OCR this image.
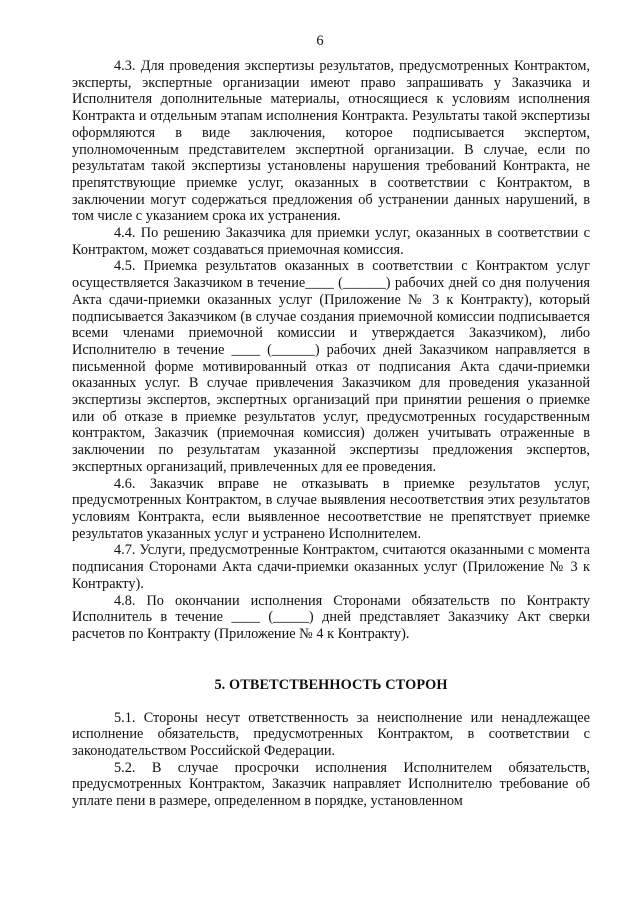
6

4.3. Для проведения экспертизы результатов, предусмотренных Контрактом, эксперты, экспертные организации имеют право запрашивать у Заказчика и Исполнителя дополнительные материалы, относящиеся к условиям исполнения Контракта и отдельным этапам исполнения Контракта. Результаты такой экспертизы оформляются в виде заключения, которое подписывается экспертом, уполномоченным представителем экспертной организации. В случае, если по результатам такой экспертизы установлены нарушения требований Контракта, не препятствующие приемке услуг, оказанных в соответствии с Контрактом, в заключении могут содержаться предложения об устранении данных нарушений, в том числе с указанием срока их устранения.

4.4. По решению Заказчика для приемки услуг, оказанных в соответствии с Контрактом, может создаваться приемочная комиссия.

4.5. Приемка результатов оказанных в соответствии с Контрактом услуг осуществляется Заказчиком в течение____ (______) рабочих дней со дня получения Акта сдачи-приемки оказанных услуг (Приложение № 3 к Контракту), который подписывается Заказчиком (в случае создания приемочной комиссии подписывается всеми членами приемочной комиссии и утверждается Заказчиком), либо Исполнителю в течение ____ (______) рабочих дней Заказчиком направляется в письменной форме мотивированный отказ от подписания Акта сдачи-приемки оказанных услуг. В случае привлечения Заказчиком для проведения указанной экспертизы экспертов, экспертных организаций при принятии решения о приемке или об отказе в приемке результатов услуг, предусмотренных государственным контрактом, Заказчик (приемочная комиссия) должен учитывать отраженные в заключении по результатам указанной экспертизы предложения экспертов, экспертных организаций, привлеченных для ее проведения.

4.6. Заказчик вправе не отказывать в приемке результатов услуг, предусмотренных Контрактом, в случае выявления несоответствия этих результатов условиям Контракта, если выявленное несоответствие не препятствует приемке результатов указанных услуг и устранено Исполнителем.

4.7. Услуги, предусмотренные Контрактом, считаются оказанными с момента подписания Сторонами Акта сдачи-приемки оказанных услуг (Приложение № 3 к Контракту).

4.8. По окончании исполнения Сторонами обязательств по Контракту Исполнитель в течение ____ (_____) дней представляет Заказчику Акт сверки расчетов по Контракту (Приложение № 4 к Контракту).

5. ОТВЕТСТВЕННОСТЬ СТОРОН

5.1. Стороны несут ответственность за неисполнение или ненадлежащее исполнение обязательств, предусмотренных Контрактом, в соответствии с законодательством Российской Федерации.

5.2. В случае просрочки исполнения Исполнителем обязательств, предусмотренных Контрактом, Заказчик направляет Исполнителю требование об уплате пени в размере, определенном в порядке, установленном
